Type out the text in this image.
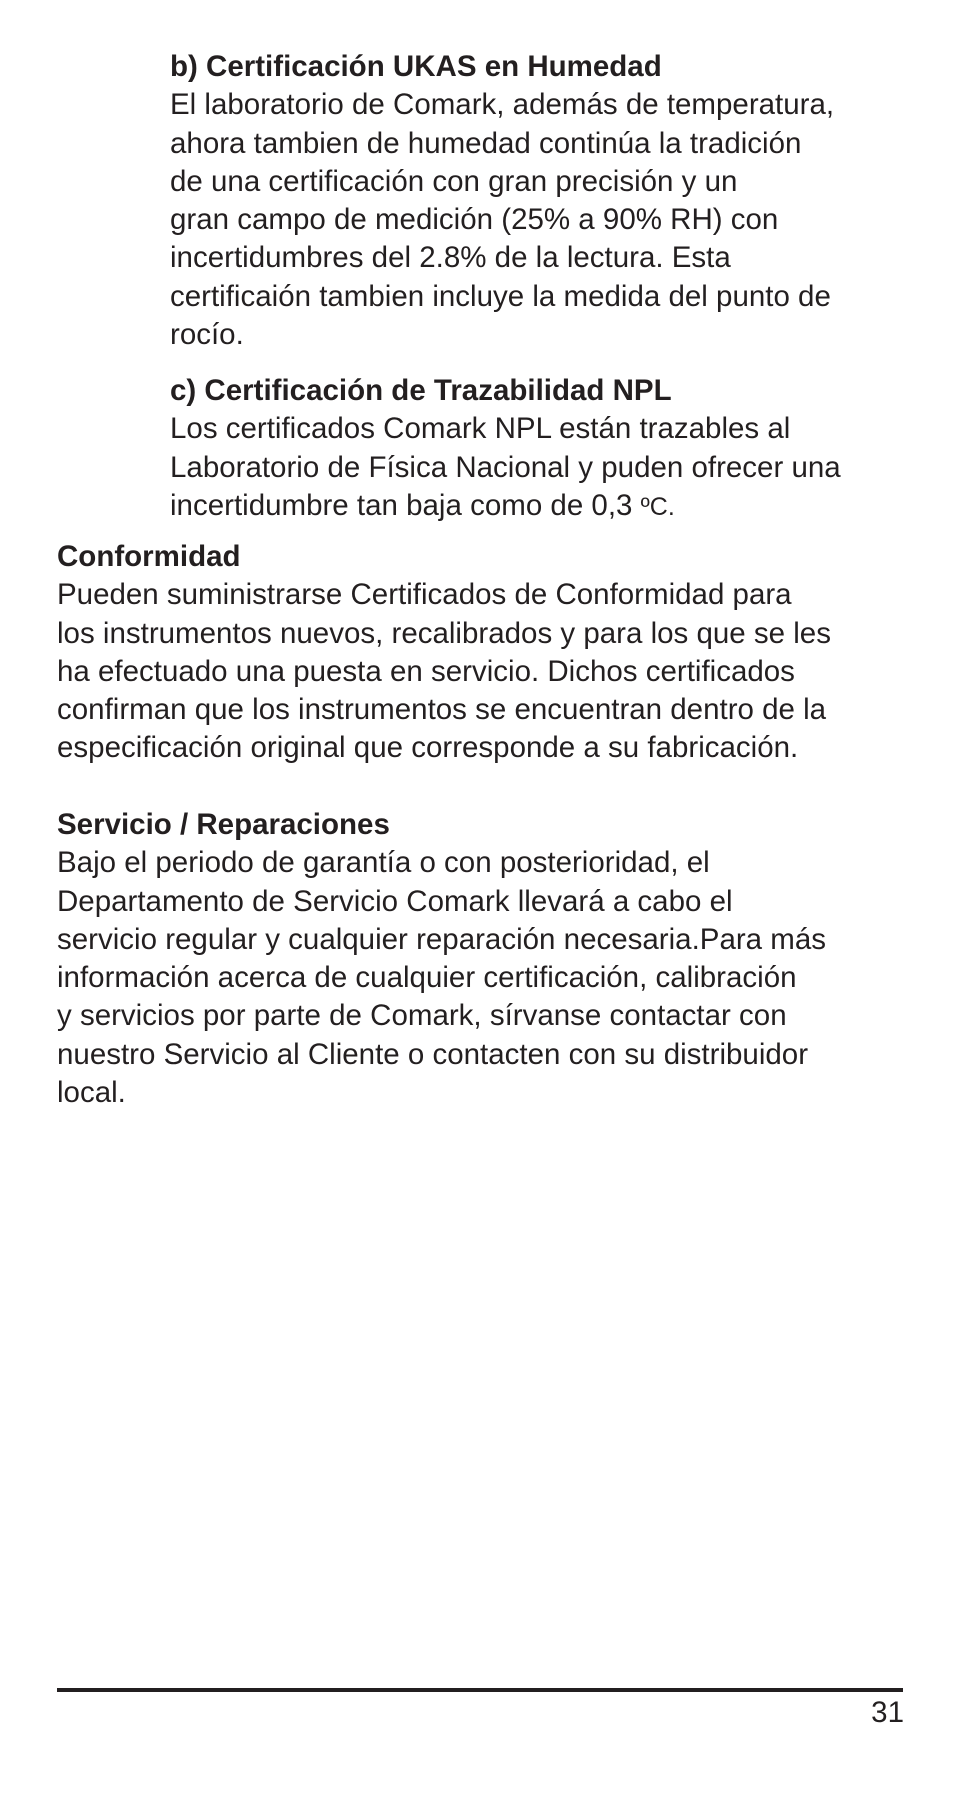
b) Certificación UKAS en Humedad
El laboratorio de Comark, además de temperatura,
ahora tambien de humedad continúa la tradición
de una certificación con gran precisión y un
gran campo de medición (25% a 90% RH) con
incertidumbres del 2.8% de la lectura. Esta
certificaión tambien incluye la medida del punto de
rocío.
c) Certificación de Trazabilidad NPL
Los certificados Comark NPL están trazables al
Laboratorio de Física Nacional y puden ofrecer una
incertidumbre tan baja como de 0,3 ºC.
Conformidad
Pueden suministrarse Certificados de Conformidad para
los instrumentos nuevos, recalibrados y para los que se les
ha efectuado una puesta en servicio. Dichos certificados
confirman que los instrumentos se encuentran dentro de la
especificación original que corresponde a su fabricación.
Servicio / Reparaciones
Bajo el periodo de garantía o con posterioridad, el
Departamento de Servicio Comark llevará a cabo el
servicio regular y cualquier reparación necesaria.Para más
información acerca de cualquier certificación, calibración
y servicios por parte de Comark, sírvanse contactar con
nuestro Servicio al Cliente o contacten con su distribuidor
local.
31
